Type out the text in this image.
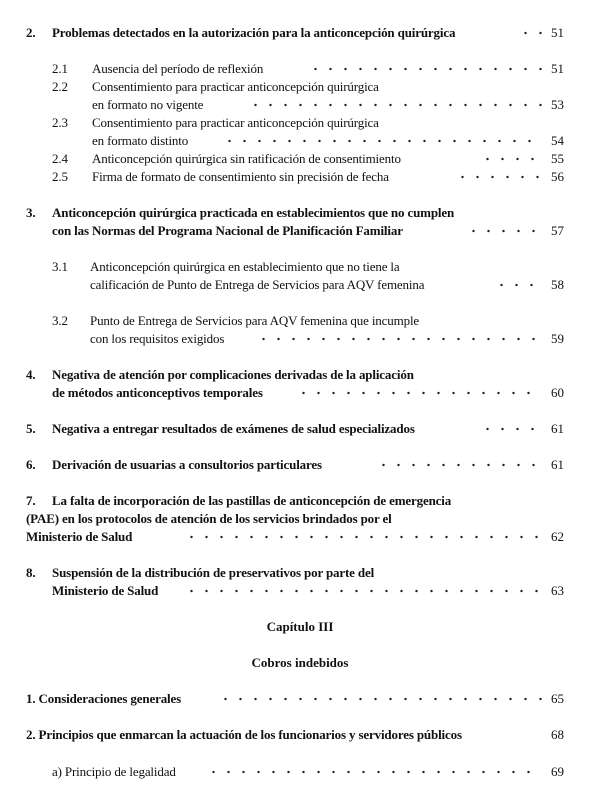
2. Problemas detectados en la autorización para la anticoncepción quirúrgica	51
2.1 Ausencia del período de reflexión	51
2.2 Consentimiento para practicar anticoncepción quirúrgica
en formato no vigente	53
2.3 Consentimiento para practicar anticoncepción quirúrgica
en formato distinto	54
2.4 Anticoncepción quirúrgica sin ratificación de consentimiento	55
2.5 Firma de formato de consentimiento sin precisión de fecha	56
3. Anticoncepción quirúrgica practicada en establecimientos que no cumplen
con las Normas del Programa Nacional de Planificación Familiar	57
3.1 Anticoncepción quirúrgica en establecimiento que no tiene la
calificación de Punto de Entrega de Servicios para AQV femenina	58
3.2 Punto de Entrega de Servicios para AQV femenina que incumple
con los requisitos exigidos	59
4. Negativa de atención por complicaciones derivadas de la aplicación
de métodos anticonceptivos temporales	60
5. Negativa a entregar resultados de exámenes de salud especializados	61
6. Derivación de usuarias a consultorios particulares	61
7. La falta de incorporación de las pastillas de anticoncepción de emergencia
(PAE) en los protocolos de atención de los servicios brindados por el
Ministerio de Salud	62
8. Suspensión de la distribución de preservativos por parte del
Ministerio de Salud	63
Capítulo III
Cobros indebidos
1. Consideraciones generales	65
2. Principios que enmarcan la actuación de los funcionarios y servidores públicos	68
a) Principio de legalidad	69
